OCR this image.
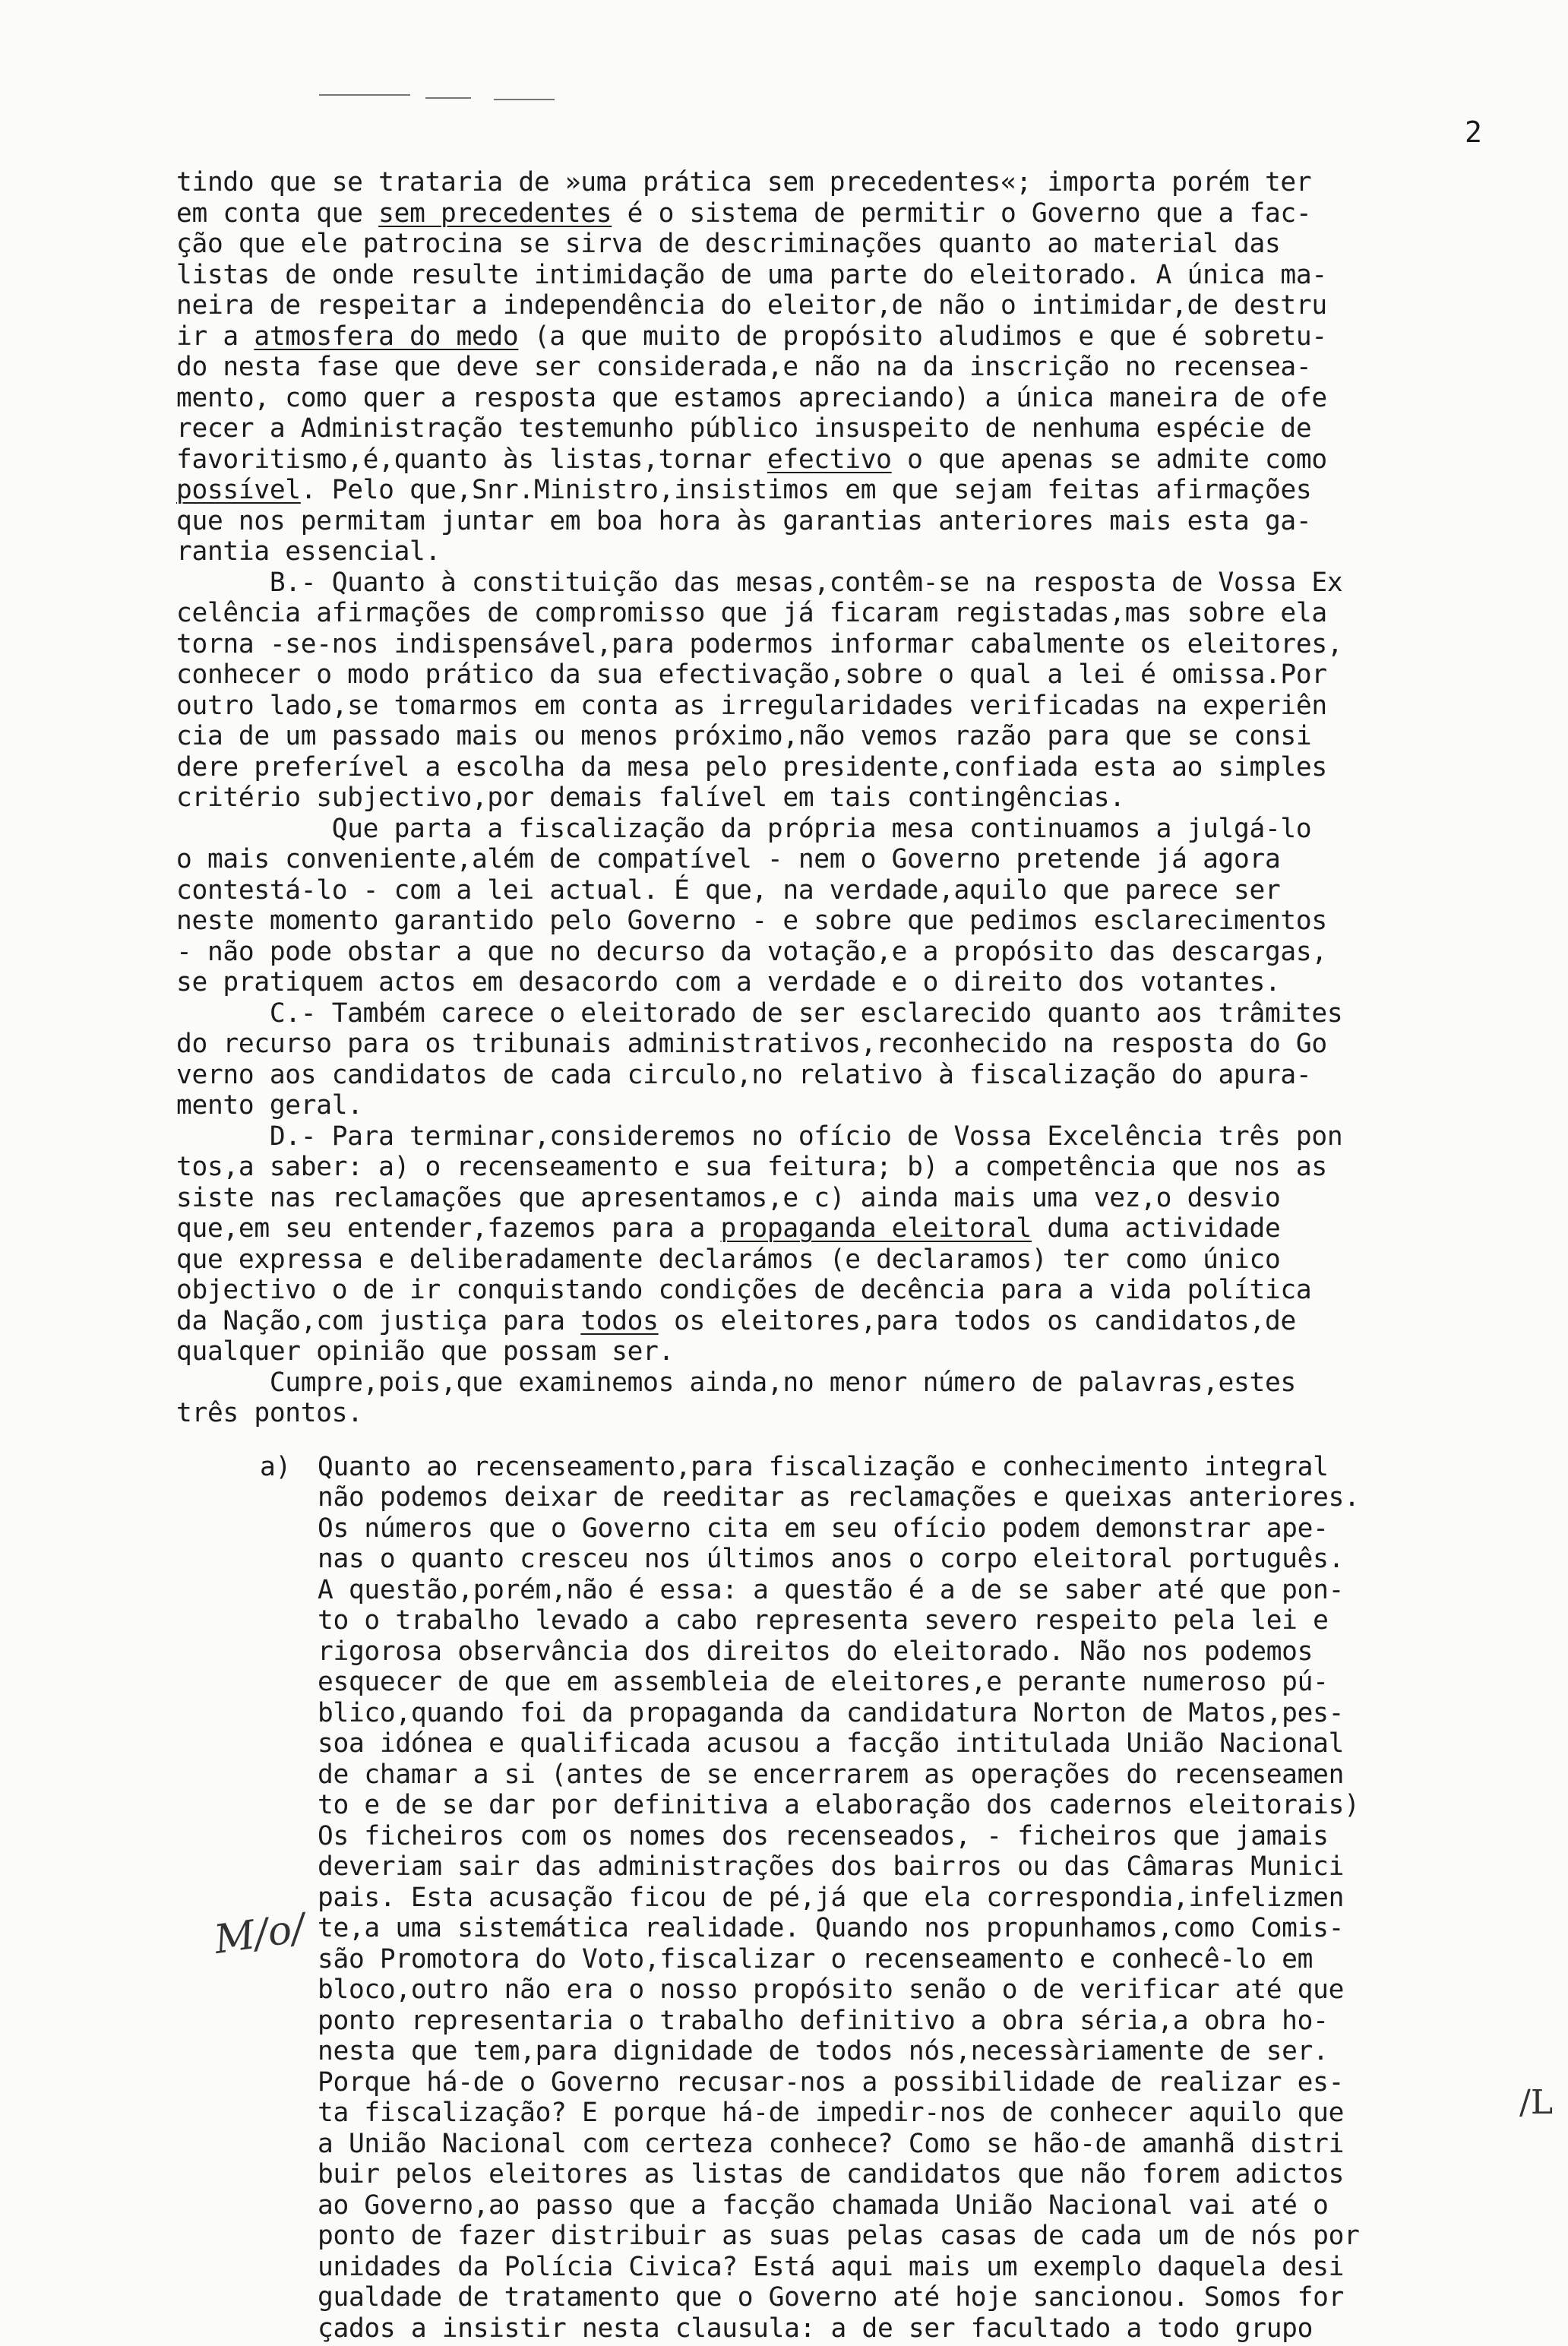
2
tindo que se trataria de »uma prática sem precedentes«; importa porém ter
em conta que sem precedentes é o sistema de permitir o Governo que a fac-
ção que ele patrocina se sirva de descriminações quanto ao material das
listas de onde resulte intimidação de uma parte do eleitorado. A única ma-
neira de respeitar a independência do eleitor,de não o intimidar,de destru
ir a atmosfera do medo (a que muito de propósito aludimos e que é sobretu-
do nesta fase que deve ser considerada,e não na da inscrição no recensea-
mento, como quer a resposta que estamos apreciando) a única maneira de ofe
recer a Administração testemunho público insuspeito de nenhuma espécie de
favoritismo,é,quanto às listas,tornar efectivo o que apenas se admite como
possível. Pelo que,Snr.Ministro,insistimos em que sejam feitas afirmações
que nos permitam juntar em boa hora às garantias anteriores mais esta ga-
rantia essencial.
B.- Quanto à constituição das mesas,contêm-se na resposta de Vossa Ex
celência afirmações de compromisso que já ficaram registadas,mas sobre ela
torna -se-nos indispensável,para podermos informar cabalmente os eleitores,
conhecer o modo prático da sua efectivação,sobre o qual a lei é omissa.Por
outro lado,se tomarmos em conta as irregularidades verificadas na experiên
cia de um passado mais ou menos próximo,não vemos razão para que se consi
dere preferível a escolha da mesa pelo presidente,confiada esta ao simples
critério subjectivo,por demais falível em tais contingências.
Que parta a fiscalização da própria mesa continuamos a julgá-lo
o mais conveniente,além de compatível - nem o Governo pretende já agora
contestá-lo - com a lei actual. É que, na verdade,aquilo que parece ser
neste momento garantido pelo Governo - e sobre que pedimos esclarecimentos
- não pode obstar a que no decurso da votação,e a propósito das descargas,
se pratiquem actos em desacordo com a verdade e o direito dos votantes.
C.- Também carece o eleitorado de ser esclarecido quanto aos trâmites
do recurso para os tribunais administrativos,reconhecido na resposta do Go
verno aos candidatos de cada circulo,no relativo à fiscalização do apura-
mento geral.
D.- Para terminar,consideremos no ofício de Vossa Excelência três pon
tos,a saber: a) o recenseamento e sua feitura; b) a competência que nos as
siste nas reclamações que apresentamos,e c) ainda mais uma vez,o desvio
que,em seu entender,fazemos para a propaganda eleitoral duma actividade
que expressa e deliberadamente declarámos (e declaramos) ter como único
objectivo o de ir conquistando condições de decência para a vida política
da Nação,com justiça para todos os eleitores,para todos os candidatos,de
qualquer opinião que possam ser.
Cumpre,pois,que examinemos ainda,no menor número de palavras,estes
três pontos.
a) Quanto ao recenseamento,para fiscalização e conhecimento integral
não podemos deixar de reeditar as reclamações e queixas anteriores.
Os números que o Governo cita em seu ofício podem demonstrar ape-
nas o quanto cresceu nos últimos anos o corpo eleitoral português.
A questão,porém,não é essa: a questão é a de se saber até que pon-
to o trabalho levado a cabo representa severo respeito pela lei e
rigorosa observância dos direitos do eleitorado. Não nos podemos
esquecer de que em assembleia de eleitores,e perante numeroso pú-
blico,quando foi da propaganda da candidatura Norton de Matos,pes-
soa idónea e qualificada acusou a facção intitulada União Nacional
de chamar a si (antes de se encerrarem as operações do recenseamen
to e de se dar por definitiva a elaboração dos cadernos eleitorais)
Os ficheiros com os nomes dos recenseados, - ficheiros que jamais
deveriam sair das administrações dos bairros ou das Câmaras Munici
pais. Esta acusação ficou de pé,já que ela correspondia,infelizmen
te,a uma sistemática realidade. Quando nos propunhamos,como Comis-
são Promotora do Voto,fiscalizar o recenseamento e conhecê-lo em
bloco,outro não era o nosso propósito senão o de verificar até que
ponto representaria o trabalho definitivo a obra séria,a obra ho-
nesta que tem,para dignidade de todos nós,necessàriamente de ser.
Porque há-de o Governo recusar-nos a possibilidade de realizar es-
ta fiscalização? E porque há-de impedir-nos de conhecer aquilo que
a União Nacional com certeza conhece? Como se hão-de amanhã distri
buir pelos eleitores as listas de candidatos que não forem adictos
ao Governo,ao passo que a facção chamada União Nacional vai até o
ponto de fazer distribuir as suas pelas casas de cada um de nós por
unidades da Polícia Civica? Está aqui mais um exemplo daquela desi
gualdade de tratamento que o Governo até hoje sancionou. Somos for
çados a insistir nesta clausula: a de ser facultado a todo grupo
M/o/
/L
